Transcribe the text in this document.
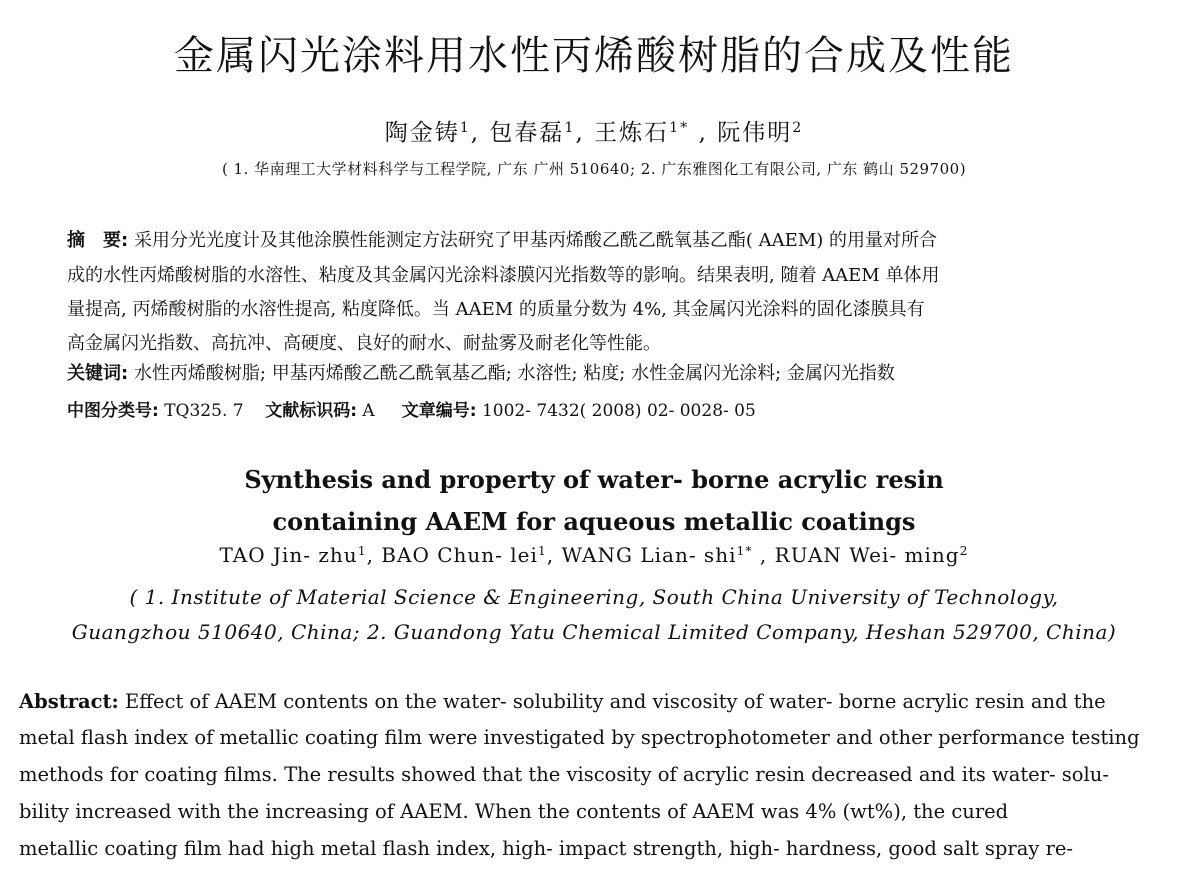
金属闪光涂料用水性丙烯酸树脂的合成及性能
陶金铸$^1$, 包春磊$^1$, 王炼石$^{1*}$ , 阮伟明$^2$
( 1. 华南理工大学材料科学与工程学院, 广东 广州 510640; 2. 广东雅图化工有限公司, 广东 鹤山 529700)
摘　要: 采用分光光度计及其他涂膜性能测定方法研究了甲基丙烯酸乙酰乙酰氧基乙酯( AAEM) 的用量对所合
成的水性丙烯酸树脂的水溶性、粘度及其金属闪光涂料漆膜闪光指数等的影响。结果表明, 随着 AAEM 单体用
量提高, 丙烯酸树脂的水溶性提高, 粘度降低。当 AAEM 的质量分数为 4%, 其金属闪光涂料的固化漆膜具有
高金属闪光指数、高抗冲、高硬度、良好的耐水、耐盐雾及耐老化等性能。
关键词: 水性丙烯酸树脂; 甲基丙烯酸乙酰乙酰氧基乙酯; 水溶性; 粘度; 水性金属闪光涂料; 金属闪光指数
中图分类号: TQ325. 7 文献标识码: A 文章编号: 1002- 7432( 2008) 02- 0028- 05
Synthesis and property of water- borne acrylic resin
containing AAEM for aqueous metallic coatings
TAO Jin- zhu$^1$, BAO Chun- lei$^1$, WANG Lian- shi$^{1*}$ , RUAN Wei- ming$^2$
( 1. Institute of Material Science & Engineering, South China University of Technology,
Guangzhou 510640, China; 2. Guandong Yatu Chemical Limited Company, Heshan 529700, China)
Abstract: Effect of AAEM contents on the water- solubility and viscosity of water- borne acrylic resin and the
metal flash index of metallic coating film were investigated by spectrophotometer and other performance testing
methods for coating films. The results showed that the viscosity of acrylic resin decreased and its water- solu-
bility increased with the increasing of AAEM. When the contents of AAEM was 4% (wt%), the cured
metallic coating film had high metal flash index, high- impact strength, high- hardness, good salt spray re-
